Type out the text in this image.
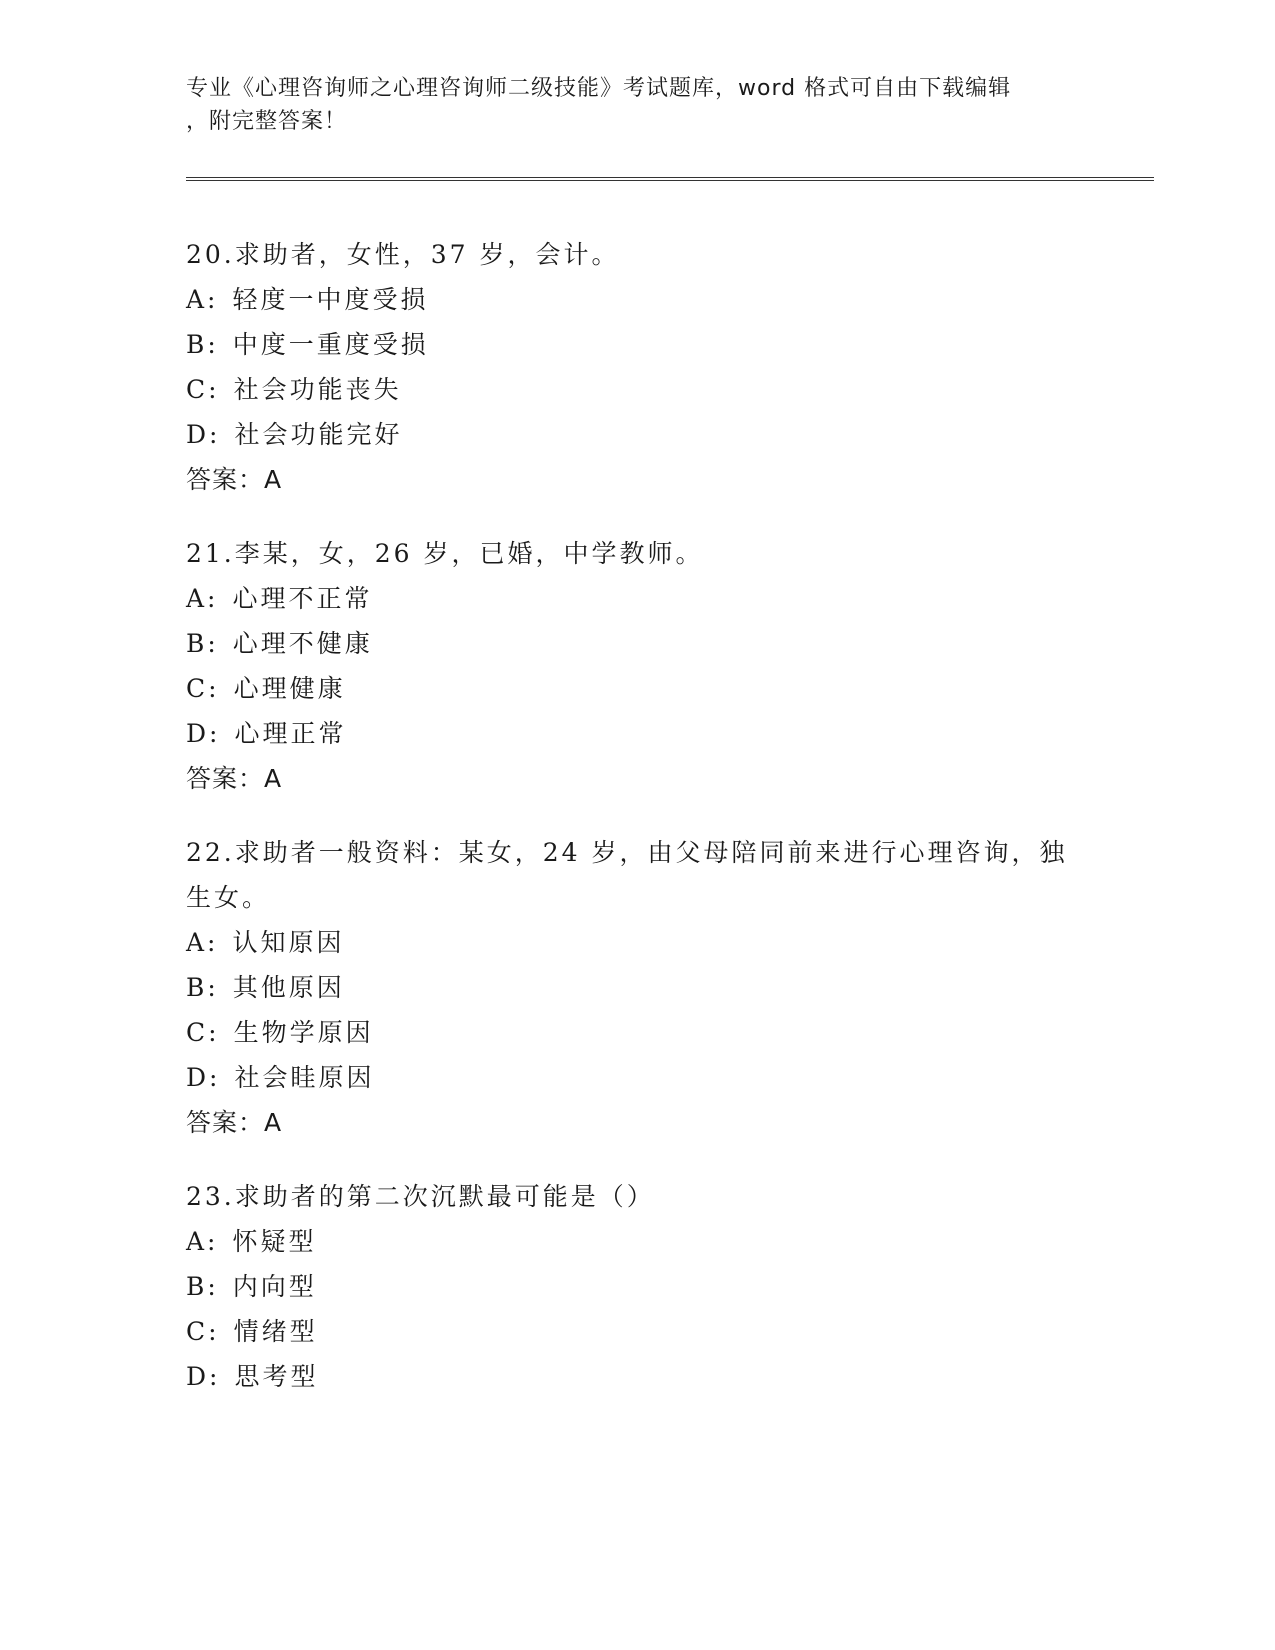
专业《心理咨询师之心理咨询师二级技能》考试题库，word 格式可自由下载编辑
，附完整答案！

20.求助者，女性，37 岁，会计。

A: 轻度一中度受损

B: 中度一重度受损

C: 社会功能丧失

D: 社会功能完好

答案：A

21.李某，女，26 岁，已婚，中学教师。

A: 心理不正常

B: 心理不健康

C: 心理健康

D: 心理正常

答案：A

22.求助者一般资料：某女，24 岁，由父母陪同前来进行心理咨询，独生女。

A: 认知原因

B: 其他原因

C: 生物学原因

D: 社会眭原因

答案：A

23.求助者的第二次沉默最可能是（）

A: 怀疑型

B: 内向型

C: 情绪型

D: 思考型
